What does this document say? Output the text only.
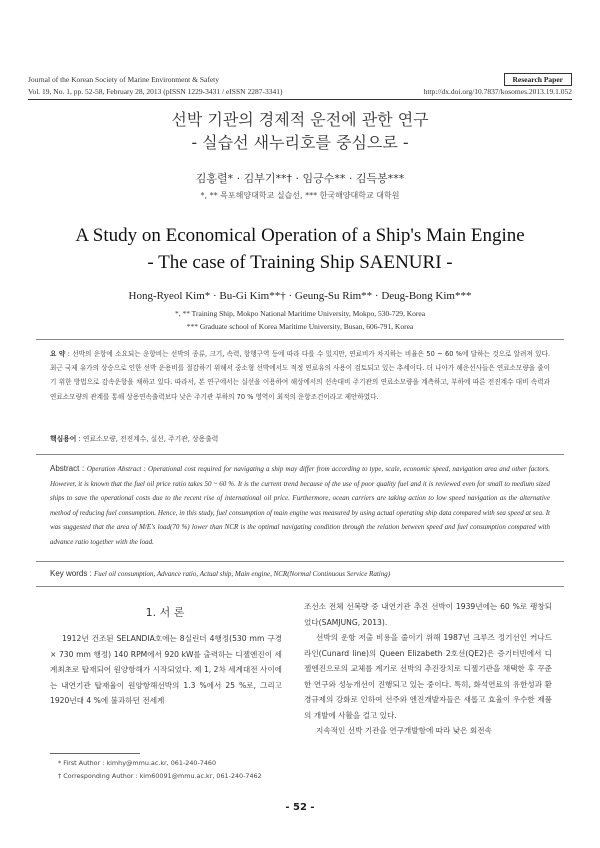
Journal of the Korean Society of Marine Environment & Safety
Vol. 19, No. 1, pp. 52-58, February 28, 2013 (pISSN 1229-3431 / eISSN 2287-3341)	http://dx.doi.org/10.7837/kosomes.2013.19.1.052
Research Paper
선박 기관의 경제적 운전에 관한 연구
- 실습선 새누리호를 중심으로 -
김홍렬* · 김부기**† · 임긍수** · 김득봉***
*, ** 목포해양대학교 실습선, *** 한국해양대학교 대학원
A Study on Economical Operation of a Ship's Main Engine
- The case of Training Ship SAENURI -
Hong-Ryeol Kim* · Bu-Gi Kim**† · Geung-Su Rim** · Deug-Bong Kim***
*, ** Training Ship, Mokpo National Maritime University, Mokpo, 530-729, Korea
*** Graduate school of Korea Maritime University, Busan, 606-791, Korea
요 약 : 선박의 운항에 소요되는 운항비는 선박의 종류, 크기, 속력, 항행구역 등에 따라 다를 수 있지만, 연료비가 차지하는 비율은 50 ~ 60 %에 달하는 것으로 알려져 있다. 최근 국제 유가의 상승으로 인한 선박 운용비를 절감하기 위해서 중소형 선박에서도 적정 연료유의 사용이 검토되고 있는 추세이다. 더 나아가 해운선사들은 연료소모량을 줄이기 위한 방법으로 감속운항을 채하고 있다. 따라서, 본 연구에서는 실선을 이용하여 해상에서의 선속대비 주기관의 연료소모량을 계측하고, 부하에 따른 전진계수 대비 속력과 연료소모량의 관계를 통해 상용연속출력보다 낮은 주기관 부하의 70 % 영역이 최적의 운항조건이라고 제안하였다.
핵심용어 : 연료소모량, 전진계수, 실선, 주기관, 상용출력
Abstract : Operation Abstract : Operational cost required for navigating a ship may differ from according to type, scale, economic speed, navigation area and other factors. However, it is known that the fuel oil price ratio takes 50 ~ 60 %. It is the current trend because of the use of poor quality fuel and it is reviewed even for small to medium sized ships to save the operational costs due to the recent rise of international oil price. Furthermore, ocean carriers are taking action to low speed navigation as the alternative method of reducing fuel consumption. Hence, in this study, fuel consumption of main engine was measured by using actual operating ship data compared with sea speed at sea. It was suggested that the area of M/E's load(70 %) lower than NCR is the optimal navigating condition through the relation between speed and fuel consumption compared with advance ratio together with the load.
Key words : Fuel oil consumption, Advance ratio, Actual ship, Main engine, NCR(Normal Continuous Service Rating)
1. 서 론

1912년 건조된 SELANDIA호에는 8실린더 4행정(530 mm 구경 × 730 mm 행정) 140 RPM에서 920 kW를 출력하는 디젤엔진이 세계최초로 탑재되어 원양항해가 시작되었다. 제 1, 2차 세계대전 사이에는 내연기관 탑재율이 원양항해선박의 1.3 %에서 25 %로, 그리고 1920년대 4 %에 불과하던 전세계

조선소 전체 선복량 중 내연기관 추진 선박이 1939년에는 60 %로 팽창되었다(SAMJUNG, 2013).

선박의 운항 저출 비용을 줄이기 위해 1987년 크루즈 정기선인 커나드 라인(Cunard line)의 Queen Elizabeth 2호선(QE2)은 증기터빈에서 디젤엔진으로의 교체를 계기로 선박의 추진장치로 디젤기관을 채택한 후 꾸준한 연구와 성능개선이 진행되고 있는 중이다. 특히, 화석연료의 유한성과 환경규제의 강화로 인하여 선주와 엔진개발자들은 새롭고 효율이 우수한 제품의 개발에 사활을 걸고 있다.

지속적인 선박 기관을 연구개발함에 따라 낮은 회전속

* First Author : kimhy@mmu.ac.kr, 061-240-7460
† Corresponding Author : kim60091@mmu.ac.kr, 061-240-7462
- 52 -
